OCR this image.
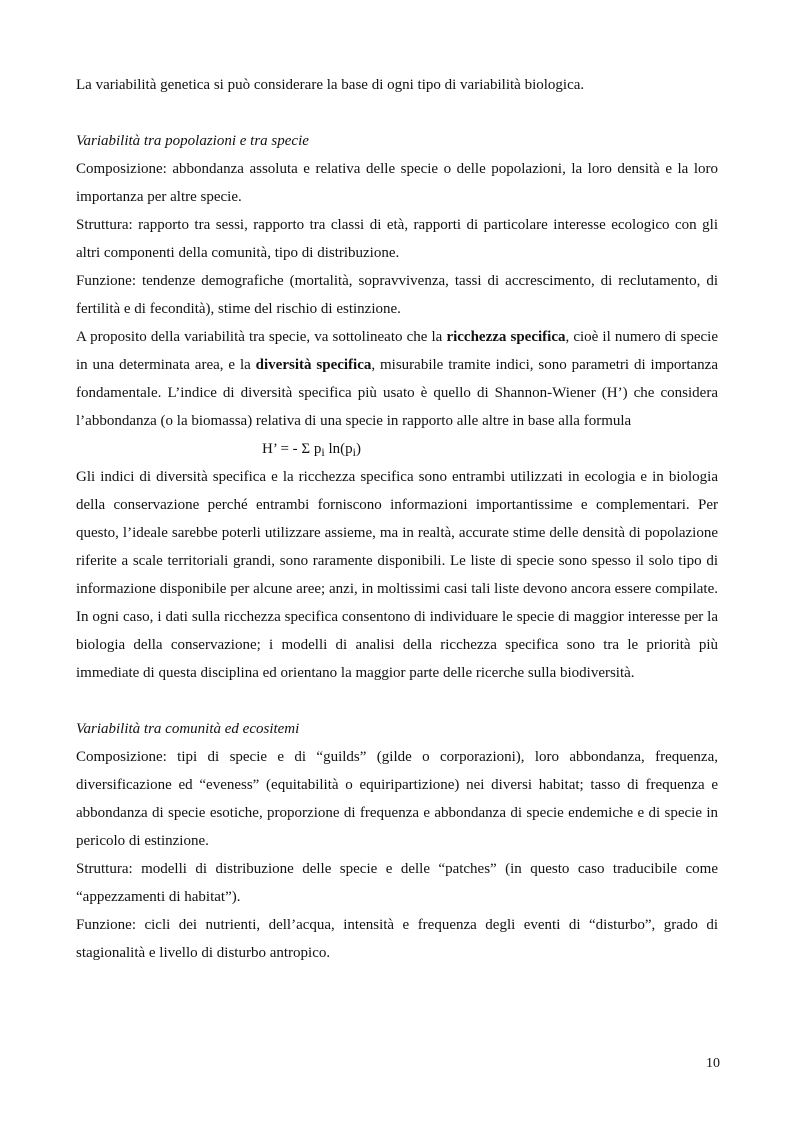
La variabilità genetica si può considerare la base di ogni tipo di variabilità biologica.

Variabilità tra popolazioni e tra specie

Composizione: abbondanza assoluta e relativa delle specie o delle popolazioni, la loro densità e la loro importanza per altre specie.

Struttura: rapporto tra sessi, rapporto tra classi di età, rapporti di particolare interesse ecologico con gli altri componenti della comunità, tipo di distribuzione.

Funzione: tendenze demografiche (mortalità, sopravvivenza, tassi di accrescimento, di reclutamento, di fertilità e di fecondità), stime del rischio di estinzione.

A proposito della variabilità tra specie, va sottolineato che la ricchezza specifica, cioè il numero di specie in una determinata area, e la diversità specifica, misurabile tramite indici, sono parametri di importanza fondamentale. L’indice di diversità specifica più usato è quello di Shannon-Wiener (H’) che considera l’abbondanza (o la biomassa) relativa di una specie in rapporto alle altre in base alla formula

H’ = - Σ $p_i$ $\ln(p_i)$

Gli indici di diversità specifica e la ricchezza specifica sono entrambi utilizzati in ecologia e in biologia della conservazione perché entrambi forniscono informazioni importantissime e complementari. Per questo, l’ideale sarebbe poterli utilizzare assieme, ma in realtà, accurate stime delle densità di popolazione riferite a scale territoriali grandi, sono raramente disponibili. Le liste di specie sono spesso il solo tipo di informazione disponibile per alcune aree; anzi, in moltissimi casi tali liste devono ancora essere compilate. In ogni caso, i dati sulla ricchezza specifica consentono di individuare le specie di maggior interesse per la biologia della conservazione; i modelli di analisi della ricchezza specifica sono tra le priorità più immediate di questa disciplina ed orientano la maggior parte delle ricerche sulla biodiversità.

Variabilità tra comunità ed ecositemi

Composizione: tipi di specie e di “guilds” (gilde o corporazioni), loro abbondanza, frequenza, diversificazione ed “eveness” (equitabilità o equiripartizione) nei diversi habitat; tasso di frequenza e abbondanza di specie esotiche, proporzione di frequenza e abbondanza di specie endemiche e di specie in pericolo di estinzione.

Struttura: modelli di distribuzione delle specie e delle “patches” (in questo caso traducibile come “appezzamenti di habitat”).

Funzione: cicli dei nutrienti, dell’acqua, intensità e frequenza degli eventi di “disturbo”, grado di stagionalità e livello di disturbo antropico.

10
